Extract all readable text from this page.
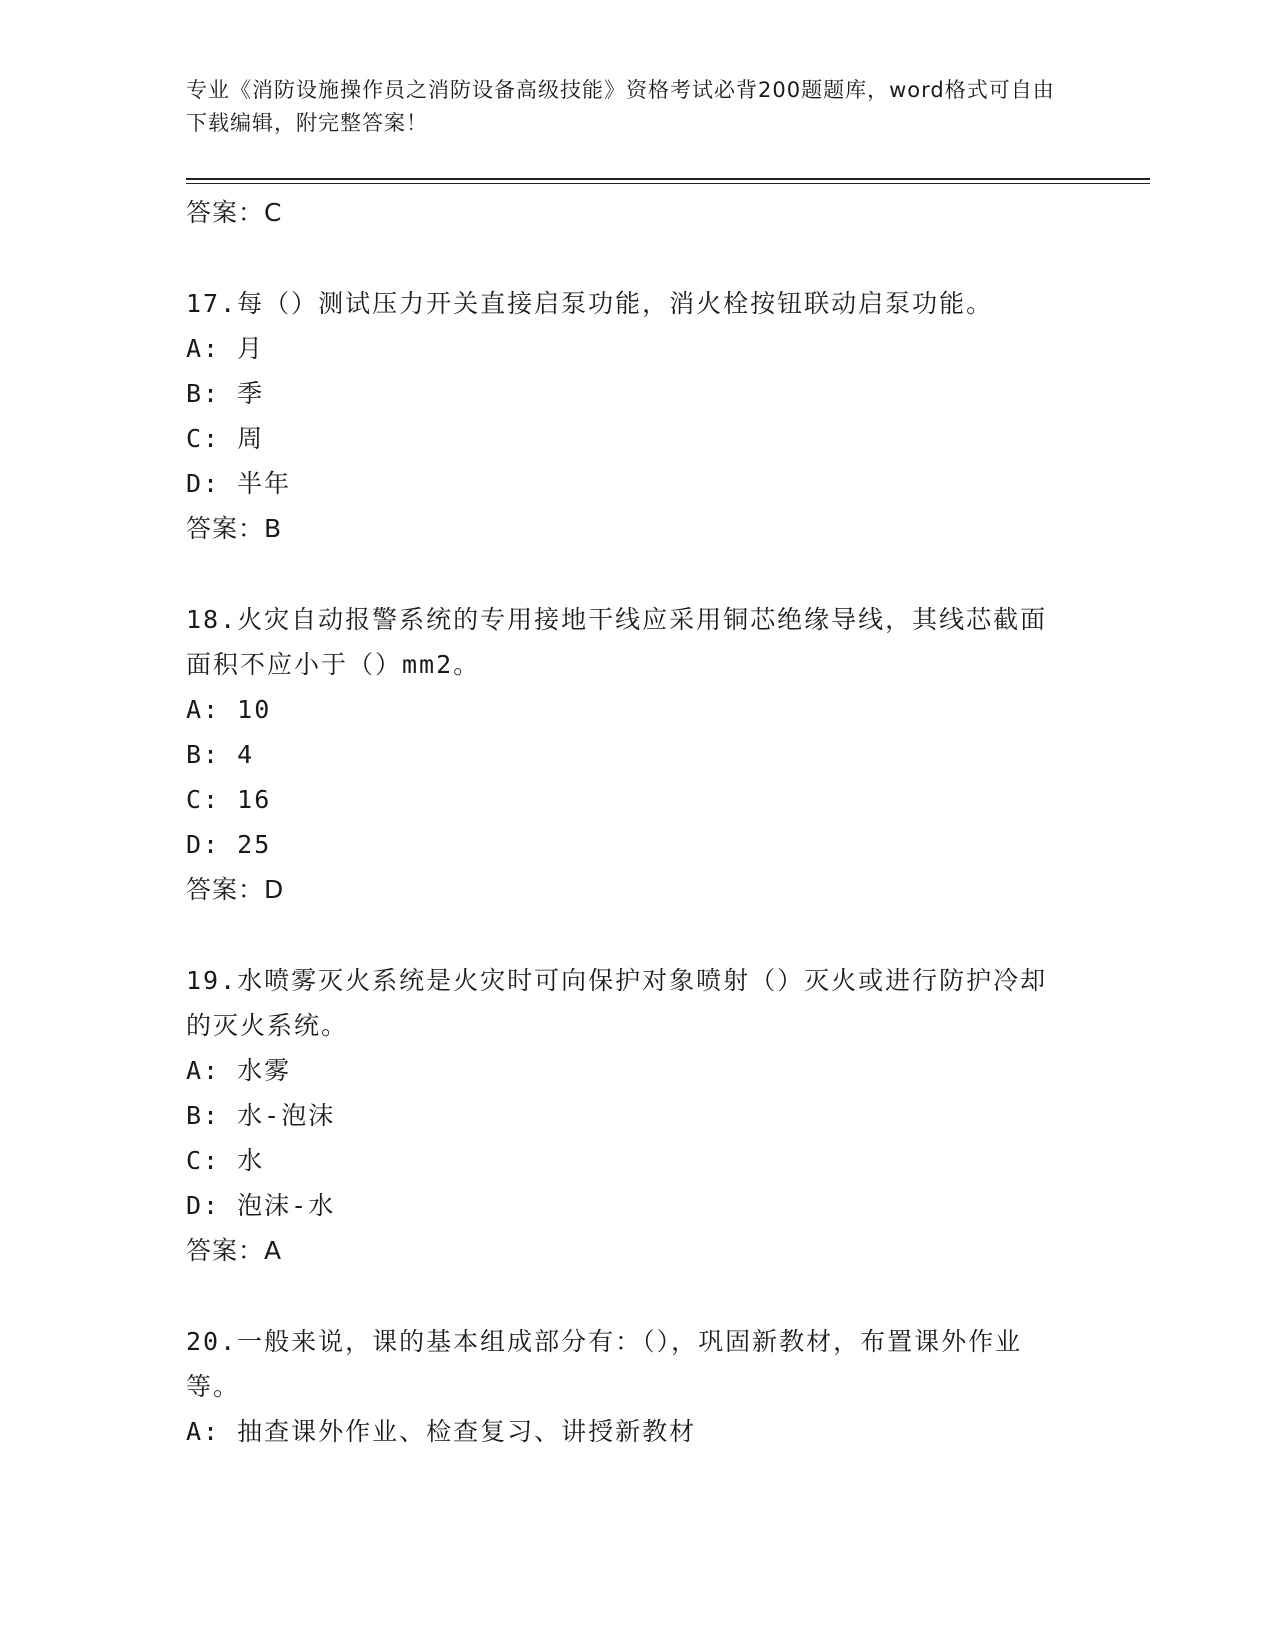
专业《消防设施操作员之消防设备高级技能》资格考试必背200题题库，word格式可自由下载编辑，附完整答案！

答案：C

17.每（）测试压力开关直接启泵功能，消火栓按钮联动启泵功能。

A: 月

B: 季

C: 周

D: 半年

答案：B

18.火灾自动报警系统的专用接地干线应采用铜芯绝缘导线，其线芯截面面积不应小于（）mm2。

A: 10

B: 4

C: 16

D: 25

答案：D

19.水喷雾灭火系统是火灾时可向保护对象喷射（）灭火或进行防护冷却的灭火系统。

A: 水雾

B: 水-泡沫

C: 水

D: 泡沫-水

答案：A

20.一般来说，课的基本组成部分有：（），巩固新教材，布置课外作业等。

A: 抽查课外作业、检查复习、讲授新教材
